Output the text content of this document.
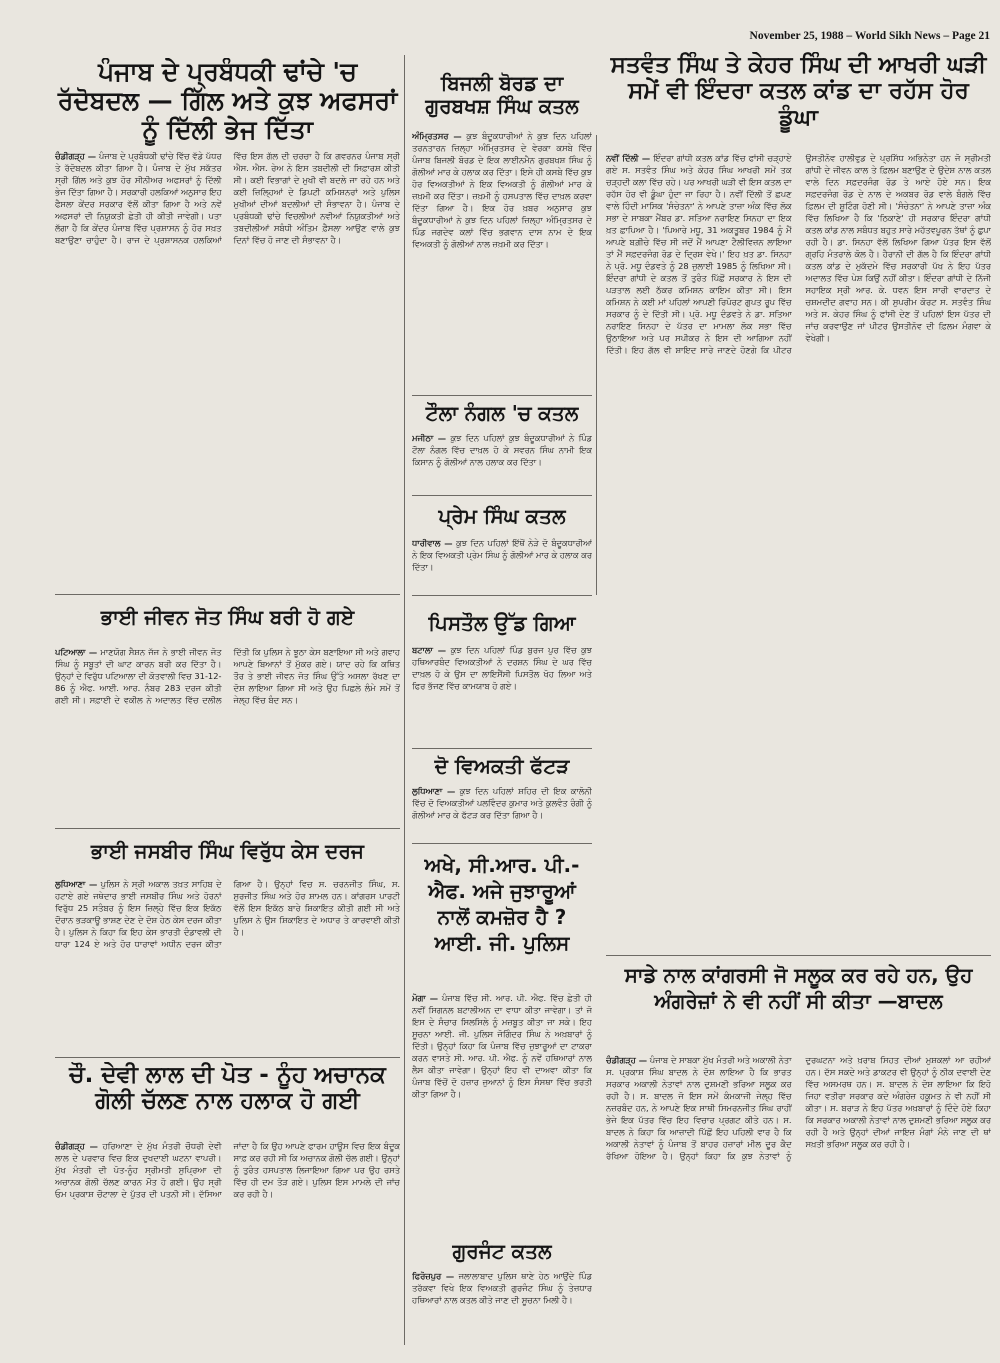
November 25, 1988 – World Sikh News – Page 21
ਪੰਜਾਬ ਦੇ ਪ੍ਰਬੰਧਕੀ ਢਾਂਚੇ 'ਚ ਰੱਦੋਬਦਲ — ਗਿੱਲ ਅਤੇ ਕੁਝ ਅਫਸਰਾਂ ਨੂੰ ਦਿੱਲੀ ਭੇਜ ਦਿੱਤਾ

ਚੰਡੀਗੜ੍ਹ — ਪੰਜਾਬ ਦੇ ਪ੍ਰਬੰਧਕੀ ਢਾਂਚੇ ਵਿੱਚ ਵੱਡੇ ਪੱਧਰ ਤੇ ਰੱਦੋਬਦਲ ਕੀਤਾ ਗਿਆ ਹੈ। ਪੰਜਾਬ ਦੇ ਮੁੱਖ ਸਕੱਤਰ ਸ੍ਰੀ ਗਿੱਲ ਅਤੇ ਕੁਝ ਹੋਰ ਸੀਨੀਅਰ ਅਫਸਰਾਂ ਨੂੰ ਦਿੱਲੀ ਭੇਜ ਦਿੱਤਾ ਗਿਆ ਹੈ। ਸਰਕਾਰੀ ਹਲਕਿਆਂ ਅਨੁਸਾਰ ਇਹ ਫੈਸਲਾ ਕੇਂਦਰ ਸਰਕਾਰ ਵੱਲੋਂ ਕੀਤਾ ਗਿਆ ਹੈ ਅਤੇ ਨਵੇਂ ਅਫਸਰਾਂ ਦੀ ਨਿਯੁਕਤੀ ਛੇਤੀ ਹੀ ਕੀਤੀ ਜਾਵੇਗੀ। ਪਤਾ ਲੱਗਾ ਹੈ ਕਿ ਕੇਂਦਰ ਪੰਜਾਬ ਵਿੱਚ ਪ੍ਰਸ਼ਾਸਨ ਨੂੰ ਹੋਰ ਸਖ਼ਤ ਬਣਾਉਣਾ ਚਾਹੁੰਦਾ ਹੈ। ਰਾਜ ਦੇ ਪ੍ਰਸ਼ਾਸਨਕ ਹਲਕਿਆਂ ਵਿੱਚ ਇਸ ਗੱਲ ਦੀ ਚਰਚਾ ਹੈ ਕਿ ਗਵਰਨਰ ਪੰਜਾਬ ਸ੍ਰੀ ਐਸ. ਐਸ. ਰੇਅ ਨੇ ਇਸ ਤਬਦੀਲੀ ਦੀ ਸਿਫ਼ਾਰਸ਼ ਕੀਤੀ ਸੀ। ਕਈ ਵਿਭਾਗਾਂ ਦੇ ਮੁਖੀ ਵੀ ਬਦਲੇ ਜਾ ਰਹੇ ਹਨ ਅਤੇ ਕਈ ਜ਼ਿਲ੍ਹਿਆਂ ਦੇ ਡਿਪਟੀ ਕਮਿਸ਼ਨਰਾਂ ਅਤੇ ਪੁਲਿਸ ਮੁਖੀਆਂ ਦੀਆਂ ਬਦਲੀਆਂ ਦੀ ਸੰਭਾਵਨਾ ਹੈ। ਪੰਜਾਬ ਦੇ ਪ੍ਰਬੰਧਕੀ ਢਾਂਚੇ ਵਿਚਲੀਆਂ ਨਵੀਆਂ ਨਿਯੁਕਤੀਆਂ ਅਤੇ ਤਬਦੀਲੀਆਂ ਸਬੰਧੀ ਅੰਤਿਮ ਫ਼ੈਸਲਾ ਆਉਣ ਵਾਲੇ ਕੁਝ ਦਿਨਾਂ ਵਿੱਚ ਹੋ ਜਾਣ ਦੀ ਸੰਭਾਵਨਾ ਹੈ।

ਭਾਈ ਜੀਵਨ ਜੋਤ ਸਿੰਘ ਬਰੀ ਹੋ ਗਏ

ਪਟਿਆਲਾ — ਮਾਣਯੋਗ ਸੈਸ਼ਨ ਜੱਜ ਨੇ ਭਾਈ ਜੀਵਨ ਜੋਤ ਸਿੰਘ ਨੂੰ ਸਬੂਤਾਂ ਦੀ ਘਾਟ ਕਾਰਨ ਬਰੀ ਕਰ ਦਿੱਤਾ ਹੈ। ਉਨ੍ਹਾਂ ਦੇ ਵਿਰੁੱਧ ਪਟਿਆਲਾ ਦੀ ਕੋਤਵਾਲੀ ਵਿਚ 31-12-86 ਨੂੰ ਐਫ. ਆਈ. ਆਰ. ਨੰਬਰ 283 ਦਰਜ ਕੀਤੀ ਗਈ ਸੀ। ਸਫ਼ਾਈ ਦੇ ਵਕੀਲ ਨੇ ਅਦਾਲਤ ਵਿੱਚ ਦਲੀਲ ਦਿੱਤੀ ਕਿ ਪੁਲਿਸ ਨੇ ਝੂਠਾ ਕੇਸ ਬਣਾਇਆ ਸੀ ਅਤੇ ਗਵਾਹ ਆਪਣੇ ਬਿਆਨਾਂ ਤੋਂ ਮੁੱਕਰ ਗਏ। ਯਾਦ ਰਹੇ ਕਿ ਕਥਿਤ ਤੌਰ ਤੇ ਭਾਈ ਜੀਵਨ ਜੋਤ ਸਿੰਘ ਉੱਤੇ ਅਸਲਾ ਰੱਖਣ ਦਾ ਦੋਸ਼ ਲਾਇਆ ਗਿਆ ਸੀ ਅਤੇ ਉਹ ਪਿਛਲੇ ਲੰਮੇ ਸਮੇਂ ਤੋਂ ਜੇਲ੍ਹ ਵਿੱਚ ਬੰਦ ਸਨ।

ਭਾਈ ਜਸਬੀਰ ਸਿੰਘ ਵਿਰੁੱਧ ਕੇਸ ਦਰਜ

ਲੁਧਿਆਣਾ — ਪੁਲਿਸ ਨੇ ਸ੍ਰੀ ਅਕਾਲ ਤਖ਼ਤ ਸਾਹਿਬ ਦੇ ਹਟਾਏ ਗਏ ਜਥੇਦਾਰ ਭਾਈ ਜਸਬੀਰ ਸਿੰਘ ਅਤੇ ਹੋਰਨਾਂ ਵਿਰੁੱਧ 25 ਸਤੰਬਰ ਨੂੰ ਇਸ ਜ਼ਿਲ੍ਹੇ ਵਿੱਚ ਇਕ ਇਕੱਠ ਦੌਰਾਨ ਭੜਕਾਊ ਭਾਸ਼ਣ ਦੇਣ ਦੇ ਦੋਸ਼ ਹੇਠ ਕੇਸ ਦਰਜ ਕੀਤਾ ਹੈ। ਪੁਲਿਸ ਨੇ ਕਿਹਾ ਕਿ ਇਹ ਕੇਸ ਭਾਰਤੀ ਦੰਡਾਵਲੀ ਦੀ ਧਾਰਾ 124 ਏ ਅਤੇ ਹੋਰ ਧਾਰਾਵਾਂ ਅਧੀਨ ਦਰਜ ਕੀਤਾ ਗਿਆ ਹੈ। ਉਨ੍ਹਾਂ ਵਿਚ ਸ. ਚਰਨਜੀਤ ਸਿੰਘ, ਸ. ਸੁਰਜੀਤ ਸਿੰਘ ਅਤੇ ਹੋਰ ਸ਼ਾਮਲ ਹਨ। ਕਾਂਗਰਸ ਪਾਰਟੀ ਵੱਲੋਂ ਇਸ ਇਕੱਠ ਬਾਰੇ ਸ਼ਿਕਾਇਤ ਕੀਤੀ ਗਈ ਸੀ ਅਤੇ ਪੁਲਿਸ ਨੇ ਉਸ ਸ਼ਿਕਾਇਤ ਦੇ ਅਧਾਰ ਤੇ ਕਾਰਵਾਈ ਕੀਤੀ ਹੈ।

ਚੌ. ਦੇਵੀ ਲਾਲ ਦੀ ਪੋਤ - ਨੂੰਹ ਅਚਾਨਕ ਗੋਲੀ ਚੱਲਣ ਨਾਲ ਹਲਾਕ ਹੋ ਗਈ

ਚੰਡੀਗੜ੍ਹ — ਹਰਿਆਣਾ ਦੇ ਮੁੱਖ ਮੰਤਰੀ ਚੌਧਰੀ ਦੇਵੀ ਲਾਲ ਦੇ ਪਰਵਾਰ ਵਿਚ ਇਕ ਦੁਖਦਾਈ ਘਟਨਾ ਵਾਪਰੀ। ਮੁੱਖ ਮੰਤਰੀ ਦੀ ਪੋਤ-ਨੂੰਹ ਸ੍ਰੀਮਤੀ ਸੁਪ੍ਰਿਆ ਦੀ ਅਚਾਨਕ ਗੋਲੀ ਚੱਲਣ ਕਾਰਨ ਮੌਤ ਹੋ ਗਈ। ਉਹ ਸ੍ਰੀ ਓਮ ਪ੍ਰਕਾਸ਼ ਚੌਟਾਲਾ ਦੇ ਪੁੱਤਰ ਦੀ ਪਤਨੀ ਸੀ। ਦੱਸਿਆ ਜਾਂਦਾ ਹੈ ਕਿ ਉਹ ਆਪਣੇ ਫਾਰਮ ਹਾਊਸ ਵਿਚ ਇਕ ਬੰਦੂਕ ਸਾਫ਼ ਕਰ ਰਹੀ ਸੀ ਕਿ ਅਚਾਨਕ ਗੋਲੀ ਚੱਲ ਗਈ। ਉਨ੍ਹਾਂ ਨੂੰ ਤੁਰੰਤ ਹਸਪਤਾਲ ਲਿਜਾਇਆ ਗਿਆ ਪਰ ਉਹ ਰਸਤੇ ਵਿੱਚ ਹੀ ਦਮ ਤੋੜ ਗਏ। ਪੁਲਿਸ ਇਸ ਮਾਮਲੇ ਦੀ ਜਾਂਚ ਕਰ ਰਹੀ ਹੈ।

ਬਿਜਲੀ ਬੋਰਡ ਦਾ ਗੁਰਬਖਸ਼ ਸਿੰਘ ਕਤਲ

ਅੰਮ੍ਰਿਤਸਰ — ਕੁਝ ਬੰਦੂਕਧਾਰੀਆਂ ਨੇ ਕੁਝ ਦਿਨ ਪਹਿਲਾਂ ਤਰਨਤਾਰਨ ਜ਼ਿਲ੍ਹਾ ਅੰਮ੍ਰਿਤਸਰ ਦੇ ਵੇਰਕਾ ਕਸਬੇ ਵਿੱਚ ਪੰਜਾਬ ਬਿਜਲੀ ਬੋਰਡ ਦੇ ਇਕ ਲਾਈਨਮੈਨ ਗੁਰਬਖਸ਼ ਸਿੰਘ ਨੂੰ ਗੋਲੀਆਂ ਮਾਰ ਕੇ ਹਲਾਕ ਕਰ ਦਿੱਤਾ। ਇਸੇ ਹੀ ਕਸਬੇ ਵਿੱਚ ਕੁਝ ਹੋਰ ਵਿਅਕਤੀਆਂ ਨੇ ਇਕ ਵਿਅਕਤੀ ਨੂੰ ਗੋਲੀਆਂ ਮਾਰ ਕੇ ਜ਼ਖ਼ਮੀ ਕਰ ਦਿੱਤਾ। ਜ਼ਖ਼ਮੀ ਨੂੰ ਹਸਪਤਾਲ ਵਿੱਚ ਦਾਖ਼ਲ ਕਰਵਾ ਦਿੱਤਾ ਗਿਆ ਹੈ। ਇਕ ਹੋਰ ਖ਼ਬਰ ਅਨੁਸਾਰ ਕੁਝ ਬੰਦੂਕਧਾਰੀਆਂ ਨੇ ਕੁਝ ਦਿਨ ਪਹਿਲਾਂ ਜ਼ਿਲ੍ਹਾ ਅੰਮ੍ਰਿਤਸਰ ਦੇ ਪਿੰਡ ਜਗਦੇਵ ਕਲਾਂ ਵਿੱਚ ਭਗਵਾਨ ਦਾਸ ਨਾਮ ਦੇ ਇਕ ਵਿਅਕਤੀ ਨੂੰ ਗੋਲੀਆਂ ਨਾਲ ਜ਼ਖ਼ਮੀ ਕਰ ਦਿੱਤਾ।

ਟੌਲਾ ਨੰਗਲ 'ਚ ਕਤਲ

ਮਜੀਠਾ — ਕੁਝ ਦਿਨ ਪਹਿਲਾਂ ਕੁਝ ਬੰਦੂਕਧਾਰੀਆਂ ਨੇ ਪਿੰਡ ਟੌਲਾ ਨੰਗਲ ਵਿੱਚ ਦਾਖ਼ਲ ਹੋ ਕੇ ਸਵਰਨ ਸਿੰਘ ਨਾਮੀ ਇਕ ਕਿਸਾਨ ਨੂੰ ਗੋਲੀਆਂ ਨਾਲ ਹਲਾਕ ਕਰ ਦਿੱਤਾ।

ਪ੍ਰੇਮ ਸਿੰਘ ਕਤਲ

ਧਾਰੀਵਾਲ — ਕੁਝ ਦਿਨ ਪਹਿਲਾਂ ਇੱਥੋਂ ਨੇੜੇ ਦੋ ਬੰਦੂਕਧਾਰੀਆਂ ਨੇ ਇਕ ਵਿਅਕਤੀ ਪ੍ਰੇਮ ਸਿੰਘ ਨੂੰ ਗੋਲੀਆਂ ਮਾਰ ਕੇ ਹਲਾਕ ਕਰ ਦਿੱਤਾ।

ਪਿਸਤੌਲ ਉੱਡ ਗਿਆ

ਬਟਾਲਾ — ਕੁਝ ਦਿਨ ਪਹਿਲਾਂ ਪਿੰਡ ਬੁਰਜ ਪੁਰ ਵਿੱਚ ਕੁਝ ਹਥਿਆਰਬੰਦ ਵਿਅਕਤੀਆਂ ਨੇ ਦਰਸ਼ਨ ਸਿੰਘ ਦੇ ਘਰ ਵਿੱਚ ਦਾਖ਼ਲ ਹੋ ਕੇ ਉਸ ਦਾ ਲਾਇਸੈਂਸੀ ਪਿਸਤੌਲ ਖੋਹ ਲਿਆ ਅਤੇ ਫਿਰ ਭੱਜਣ ਵਿੱਚ ਕਾਮਯਾਬ ਹੋ ਗਏ।

ਦੋ ਵਿਅਕਤੀ ਫੱਟੜ

ਲੁਧਿਆਣਾ — ਕੁਝ ਦਿਨ ਪਹਿਲਾਂ ਸ਼ਹਿਰ ਦੀ ਇਕ ਕਾਲੋਨੀ ਵਿੱਚ ਦੋ ਵਿਅਕਤੀਆਂ ਪਲਵਿੰਦਰ ਕੁਮਾਰ ਅਤੇ ਕੁਲਵੰਤ ਰੰਗੀ ਨੂੰ ਗੋਲੀਆਂ ਮਾਰ ਕੇ ਫੱਟੜ ਕਰ ਦਿੱਤਾ ਗਿਆ ਹੈ।

ਅਖੇ, ਸੀ.ਆਰ. ਪੀ.-ਐਫ. ਅਜੇ ਜੁਝਾਰੂਆਂ ਨਾਲੋਂ ਕਮਜ਼ੋਰ ਹੈ ? ਆਈ. ਜੀ. ਪੁਲਿਸ

ਮੋਗਾ — ਪੰਜਾਬ ਵਿੱਚ ਸੀ. ਆਰ. ਪੀ. ਐਫ. ਵਿੱਚ ਛੇਤੀ ਹੀ ਨਵੀਂ ਸਿਗਨਲ ਬਟਾਲੀਅਨ ਦਾ ਵਾਧਾ ਕੀਤਾ ਜਾਵੇਗਾ। ਤਾਂ ਜੋ ਇਸ ਦੇ ਸੰਚਾਰ ਸਿਲਸਿਲੇ ਨੂੰ ਮਜ਼ਬੂਤ ਕੀਤਾ ਜਾ ਸਕੇ। ਇਹ ਸੂਚਨਾ ਆਈ. ਜੀ. ਪੁਲਿਸ ਜੋਗਿੰਦਰ ਸਿੰਘ ਨੇ ਅਖ਼ਬਾਰਾਂ ਨੂੰ ਦਿੱਤੀ। ਉਨ੍ਹਾਂ ਕਿਹਾ ਕਿ ਪੰਜਾਬ ਵਿੱਚ ਜੁਝਾਰੂਆਂ ਦਾ ਟਾਕਰਾ ਕਰਨ ਵਾਸਤੇ ਸੀ. ਆਰ. ਪੀ. ਐਫ. ਨੂੰ ਨਵੇਂ ਹਥਿਆਰਾਂ ਨਾਲ ਲੈਸ ਕੀਤਾ ਜਾਵੇਗਾ। ਉਨ੍ਹਾਂ ਇਹ ਵੀ ਦਾਅਵਾ ਕੀਤਾ ਕਿ ਪੰਜਾਬ ਵਿੱਚੋਂ ਦੋ ਹਜ਼ਾਰ ਜੁਆਨਾਂ ਨੂੰ ਇਸ ਸੰਸਥਾ ਵਿੱਚ ਭਰਤੀ ਕੀਤਾ ਗਿਆ ਹੈ।

ਗੁਰਜੰਟ ਕਤਲ

ਫਿਰੋਜ਼ਪੁਰ — ਜਲਾਲਾਬਾਦ ਪੁਲਿਸ ਥਾਣੇ ਹੇਠ ਆਉਂਦੇ ਪਿੰਡ ਤਰੱਕਵਾ ਵਿਖੇ ਇਕ ਵਿਅਕਤੀ ਗੁਰਜੰਟ ਸਿੰਘ ਨੂੰ ਤੇਜ਼ਧਾਰ ਹਥਿਆਰਾਂ ਨਾਲ ਕਤਲ ਕੀਤੇ ਜਾਣ ਦੀ ਸੂਚਨਾ ਮਿਲੀ ਹੈ।

ਸਤਵੰਤ ਸਿੰਘ ਤੇ ਕੇਹਰ ਸਿੰਘ ਦੀ ਆਖਰੀ ਘੜੀ ਸਮੇਂ ਵੀ ਇੰਦਰਾ ਕਤਲ ਕਾਂਡ ਦਾ ਰਹੱਸ ਹੋਰ ਡੂੰਘਾ

ਨਵੀਂ ਦਿੱਲੀ — ਇੰਦਰਾ ਗਾਂਧੀ ਕਤਲ ਕਾਂਡ ਵਿੱਚ ਫਾਂਸੀ ਚੜ੍ਹਾਏ ਗਏ ਸ. ਸਤਵੰਤ ਸਿੰਘ ਅਤੇ ਕੇਹਰ ਸਿੰਘ ਆਖਰੀ ਸਮੇਂ ਤਕ ਚੜ੍ਹਦੀ ਕਲਾ ਵਿੱਚ ਰਹੇ। ਪਰ ਆਖਰੀ ਘੜੀ ਵੀ ਇਸ ਕਤਲ ਦਾ ਰਹੱਸ ਹੋਰ ਵੀ ਡੂੰਘਾ ਹੁੰਦਾ ਜਾ ਰਿਹਾ ਹੈ। ਨਵੀਂ ਦਿੱਲੀ ਤੋਂ ਛਪਣ ਵਾਲੇ ਹਿੰਦੀ ਮਾਸਿਕ 'ਸੰਚੇਤਨਾ' ਨੇ ਆਪਣੇ ਤਾਜ਼ਾ ਅੰਕ ਵਿੱਚ ਲੋਕ ਸਭਾ ਦੇ ਸਾਬਕਾ ਮੈਂਬਰ ਡਾ. ਸਤਿਆ ਨਰਾਇਣ ਸਿਨਹਾ ਦਾ ਇਕ ਖ਼ਤ ਛਾਪਿਆ ਹੈ। 'ਪਿਆਰੇ ਮਧੂ, 31 ਅਕਤੂਬਰ 1984 ਨੂੰ ਮੈਂ ਆਪਣੇ ਬਗ਼ੀਚੇ ਵਿੱਚ ਸੀ ਜਦੋਂ ਮੈਂ ਆਪਣਾ ਟੈਲੀਵਿਜ਼ਨ ਲਾਇਆ ਤਾਂ ਮੈਂ ਸਫ਼ਦਰਜੰਗ ਰੋਡ ਦੇ ਦ੍ਰਿਸ਼ ਵੇਖੇ।' ਇਹ ਖ਼ਤ ਡਾ. ਸਿਨਹਾ ਨੇ ਪ੍ਰੋ. ਮਧੂ ਦੰਡਵਤੇ ਨੂੰ 28 ਜੁਲਾਈ 1985 ਨੂੰ ਲਿਖਿਆ ਸੀ। ਇੰਦਰਾ ਗਾਂਧੀ ਦੇ ਕਤਲ ਤੋਂ ਤੁਰੰਤ ਪਿੱਛੋਂ ਸਰਕਾਰ ਨੇ ਇਸ ਦੀ ਪੜਤਾਲ ਲਈ ਠੱਕਰ ਕਮਿਸ਼ਨ ਕਾਇਮ ਕੀਤਾ ਸੀ। ਇਸ ਕਮਿਸ਼ਨ ਨੇ ਕਈ ਮਾਂ ਪਹਿਲਾਂ ਆਪਣੀ ਰਿਪੋਰਟ ਗੁਪਤ ਰੂਪ ਵਿੱਚ ਸਰਕਾਰ ਨੂੰ ਦੇ ਦਿੱਤੀ ਸੀ। ਪ੍ਰੋ. ਮਧੂ ਦੰਡਵਤੇ ਨੇ ਡਾ. ਸਤਿਆ ਨਰਾਇਣ ਸਿਨਹਾ ਦੇ ਪੱਤਰ ਦਾ ਮਾਮਲਾ ਲੋਕ ਸਭਾ ਵਿੱਚ ਉਠਾਇਆ ਅਤੇ ਪਰ ਸਪੀਕਰ ਨੇ ਇਸ ਦੀ ਆਗਿਆ ਨਹੀਂ ਦਿੱਤੀ। ਇਹ ਗੱਲ ਵੀ ਸ਼ਾਇਦ ਸਾਰੇ ਜਾਣਦੇ ਹੋਣਗੇ ਕਿ ਪੀਟਰ ਉਸਤੀਨੋਵ ਹਾਲੀਵੁਡ ਦੇ ਪ੍ਰਸਿੱਧ ਅਭਿਨੇਤਾ ਹਨ ਜੋ ਸ੍ਰੀਮਤੀ ਗਾਂਧੀ ਦੇ ਜੀਵਨ ਕਾਲ ਤੇ ਫ਼ਿਲਮ ਬਣਾਉਣ ਦੇ ਉਦੇਸ਼ ਨਾਲ ਕਤਲ ਵਾਲੇ ਦਿਨ ਸਫ਼ਦਰਜੰਗ ਰੋਡ ਤੇ ਆਏ ਹੋਏ ਸਨ। ਇਕ ਸਫ਼ਦਰਜੰਗ ਰੋਡ ਦੇ ਨਾਲ ਦੇ ਅਕਬਰ ਰੋਡ ਵਾਲੇ ਬੰਗਲੇ ਵਿੱਚ ਫ਼ਿਲਮ ਦੀ ਸ਼ੂਟਿੰਗ ਹੋਣੀ ਸੀ। 'ਸੰਚੇਤਨਾ' ਨੇ ਆਪਣੇ ਤਾਜ਼ਾ ਅੰਕ ਵਿੱਚ ਲਿਖਿਆ ਹੈ ਕਿ 'ਠਿਕਾਣੇ' ਹੀ ਸਰਕਾਰ ਇੰਦਰਾ ਗਾਂਧੀ ਕਤਲ ਕਾਂਡ ਨਾਲ ਸਬੰਧਤ ਬਹੁਤ ਸਾਰੇ ਮਹੱਤਵਪੂਰਨ ਤੱਥਾਂ ਨੂੰ ਛੁਪਾ ਰਹੀ ਹੈ। ਡਾ. ਸਿਨਹਾ ਵੱਲੋਂ ਲਿਖਿਆ ਗਿਆ ਪੱਤਰ ਇਸ ਵੱਲੋਂ ਗ੍ਰਹਿ ਮੰਤਰਾਲੇ ਕੋਲ ਹੈ। ਹੈਰਾਨੀ ਦੀ ਗੱਲ ਹੈ ਕਿ ਇੰਦਰਾ ਗਾਂਧੀ ਕਤਲ ਕਾਂਡ ਦੇ ਮੁਕੱਦਮੇ ਵਿੱਚ ਸਰਕਾਰੀ ਪੱਖ ਨੇ ਇਹ ਪੱਤਰ ਅਦਾਲਤ ਵਿੱਚ ਪੇਸ਼ ਕਿਉਂ ਨਹੀਂ ਕੀਤਾ। ਇੰਦਰਾ ਗਾਂਧੀ ਦੇ ਨਿੱਜੀ ਸਹਾਇਕ ਸ੍ਰੀ ਆਰ. ਕੇ. ਧਵਨ ਇਸ ਸਾਰੀ ਵਾਰਦਾਤ ਦੇ ਚਸ਼ਮਦੀਦ ਗਵਾਹ ਸਨ। ਕੀ ਸੁਪਰੀਮ ਕੋਰਟ ਸ. ਸਤਵੰਤ ਸਿੰਘ ਅਤੇ ਸ. ਕੇਹਰ ਸਿੰਘ ਨੂੰ ਫਾਂਸੀ ਦੇਣ ਤੋਂ ਪਹਿਲਾਂ ਇਸ ਪੱਤਰ ਦੀ ਜਾਂਚ ਕਰਵਾਉਣ ਜਾਂ ਪੀਟਰ ਉਸਤੀਨੋਵ ਦੀ ਫ਼ਿਲਮ ਮੰਗਵਾ ਕੇ ਵੇਖੇਗੀ।

ਸਾਡੇ ਨਾਲ ਕਾਂਗਰਸੀ ਜੋ ਸਲੂਕ ਕਰ ਰਹੇ ਹਨ, ਉਹ ਅੰਗਰੇਜ਼ਾਂ ਨੇ ਵੀ ਨਹੀਂ ਸੀ ਕੀਤਾ —ਬਾਦਲ

ਚੰਡੀਗੜ੍ਹ — ਪੰਜਾਬ ਦੇ ਸਾਬਕਾ ਮੁੱਖ ਮੰਤਰੀ ਅਤੇ ਅਕਾਲੀ ਨੇਤਾ ਸ. ਪ੍ਰਕਾਸ਼ ਸਿੰਘ ਬਾਦਲ ਨੇ ਦੋਸ਼ ਲਾਇਆ ਹੈ ਕਿ ਭਾਰਤ ਸਰਕਾਰ ਅਕਾਲੀ ਨੇਤਾਵਾਂ ਨਾਲ ਦੁਸ਼ਮਣੀ ਭਰਿਆ ਸਲੂਕ ਕਰ ਰਹੀ ਹੈ। ਸ. ਬਾਦਲ ਜੋ ਇਸ ਸਮੇਂ ਕੰਮਕਾਜੀ ਜੇਲ੍ਹ ਵਿੱਚ ਨਜ਼ਰਬੰਦ ਹਨ, ਨੇ ਆਪਣੇ ਇਕ ਸਾਥੀ ਸਿਮਰਨਜੀਤ ਸਿੰਘ ਰਾਹੀਂ ਭੇਜੇ ਇਕ ਪੱਤਰ ਵਿੱਚ ਇਹ ਵਿਚਾਰ ਪ੍ਰਗਟ ਕੀਤੇ ਹਨ। ਸ. ਬਾਦਲ ਨੇ ਕਿਹਾ ਕਿ ਆਜ਼ਾਦੀ ਪਿੱਛੋਂ ਇਹ ਪਹਿਲੀ ਵਾਰ ਹੈ ਕਿ ਅਕਾਲੀ ਨੇਤਾਵਾਂ ਨੂੰ ਪੰਜਾਬ ਤੋਂ ਬਾਹਰ ਹਜ਼ਾਰਾਂ ਮੀਲ ਦੂਰ ਕੈਦ ਰੱਖਿਆ ਹੋਇਆ ਹੈ। ਉਨ੍ਹਾਂ ਕਿਹਾ ਕਿ ਕੁਝ ਨੇਤਾਵਾਂ ਨੂੰ ਦੁਰਘਟਨਾ ਅਤੇ ਖ਼ਰਾਬ ਸਿਹਤ ਦੀਆਂ ਮੁਸ਼ਕਲਾਂ ਆ ਰਹੀਆਂ ਹਨ। ਦੱਸ ਸਕਦੇ ਅਤੇ ਡਾਕਟਰ ਵੀ ਉਨ੍ਹਾਂ ਨੂੰ ਠੀਕ ਦਵਾਈ ਦੇਣ ਵਿੱਚ ਅਸਮਰਥ ਹਨ। ਸ. ਬਾਦਲ ਨੇ ਦੋਸ਼ ਲਾਇਆ ਕਿ ਇਹੋ ਜਿਹਾ ਵਤੀਰਾ ਸਰਕਾਰ ਕਦੇ ਅੰਗਰੇਜ਼ ਹਕੂਮਤ ਨੇ ਵੀ ਨਹੀਂ ਸੀ ਕੀਤਾ। ਸ. ਬਰਾੜ ਨੇ ਇਹ ਪੱਤਰ ਅਖ਼ਬਾਰਾਂ ਨੂੰ ਦਿੰਦੇ ਹੋਏ ਕਿਹਾ ਕਿ ਸਰਕਾਰ ਅਕਾਲੀ ਨੇਤਾਵਾਂ ਨਾਲ ਦੁਸ਼ਮਣੀ ਭਰਿਆ ਸਲੂਕ ਕਰ ਰਹੀ ਹੈ ਅਤੇ ਉਨ੍ਹਾਂ ਦੀਆਂ ਜਾਇਜ਼ ਮੰਗਾਂ ਮੰਨੇ ਜਾਣ ਦੀ ਥਾਂ ਸਖ਼ਤੀ ਭਰਿਆ ਸਲੂਕ ਕਰ ਰਹੀ ਹੈ।
